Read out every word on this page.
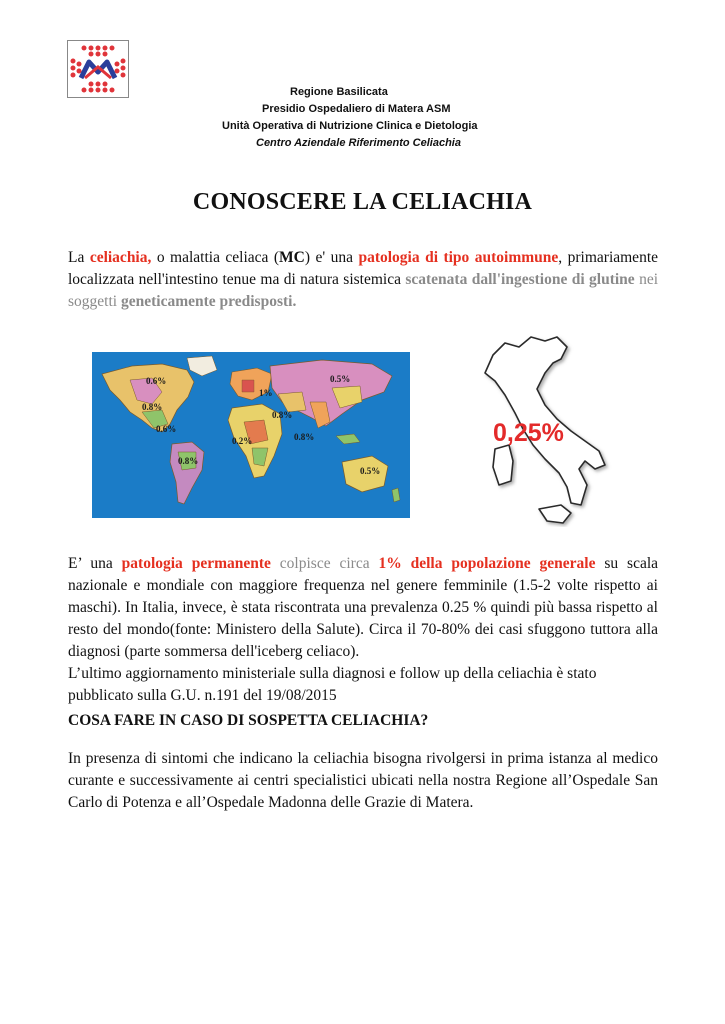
Regione Basilicata
Presidio Ospedaliero di Matera ASM
Unità Operativa di Nutrizione Clinica e Dietologia
Centro Aziendale Riferimento Celiachia
CONOSCERE LA CELIACHIA
La celiachia, o malattia celiaca (MC) e' una patologia di tipo autoimmune, primariamente localizzata nell'intestino tenue ma di natura sistemica scatenata dall'ingestione di glutine nei soggetti geneticamente predisposti.
0.6%	0.5%
1%
0.8%
0.8%
0.6%
0.2%	0.8%
0.8%
0.5%
0,25%
E’ una patologia permanente colpisce circa 1% della popolazione generale su scala nazionale e mondiale con maggiore frequenza nel genere femminile (1.5-2 volte rispetto ai maschi). In Italia, invece, è stata riscontrata una prevalenza 0.25 % quindi più bassa rispetto al resto del mondo(fonte: Ministero della Salute). Circa il 70-80% dei casi sfuggono tuttora alla diagnosi (parte sommersa dell'iceberg celiaco).
L’ultimo aggiornamento ministeriale sulla diagnosi e follow up della celiachia è stato pubblicato sulla G.U. n.191 del 19/08/2015
COSA FARE IN CASO DI SOSPETTA CELIACHIA?
In presenza di sintomi che indicano la celiachia bisogna rivolgersi in prima istanza al medico curante e successivamente ai centri specialistici ubicati nella nostra Regione all’Ospedale San Carlo di Potenza e all’Ospedale Madonna delle Grazie di Matera.
